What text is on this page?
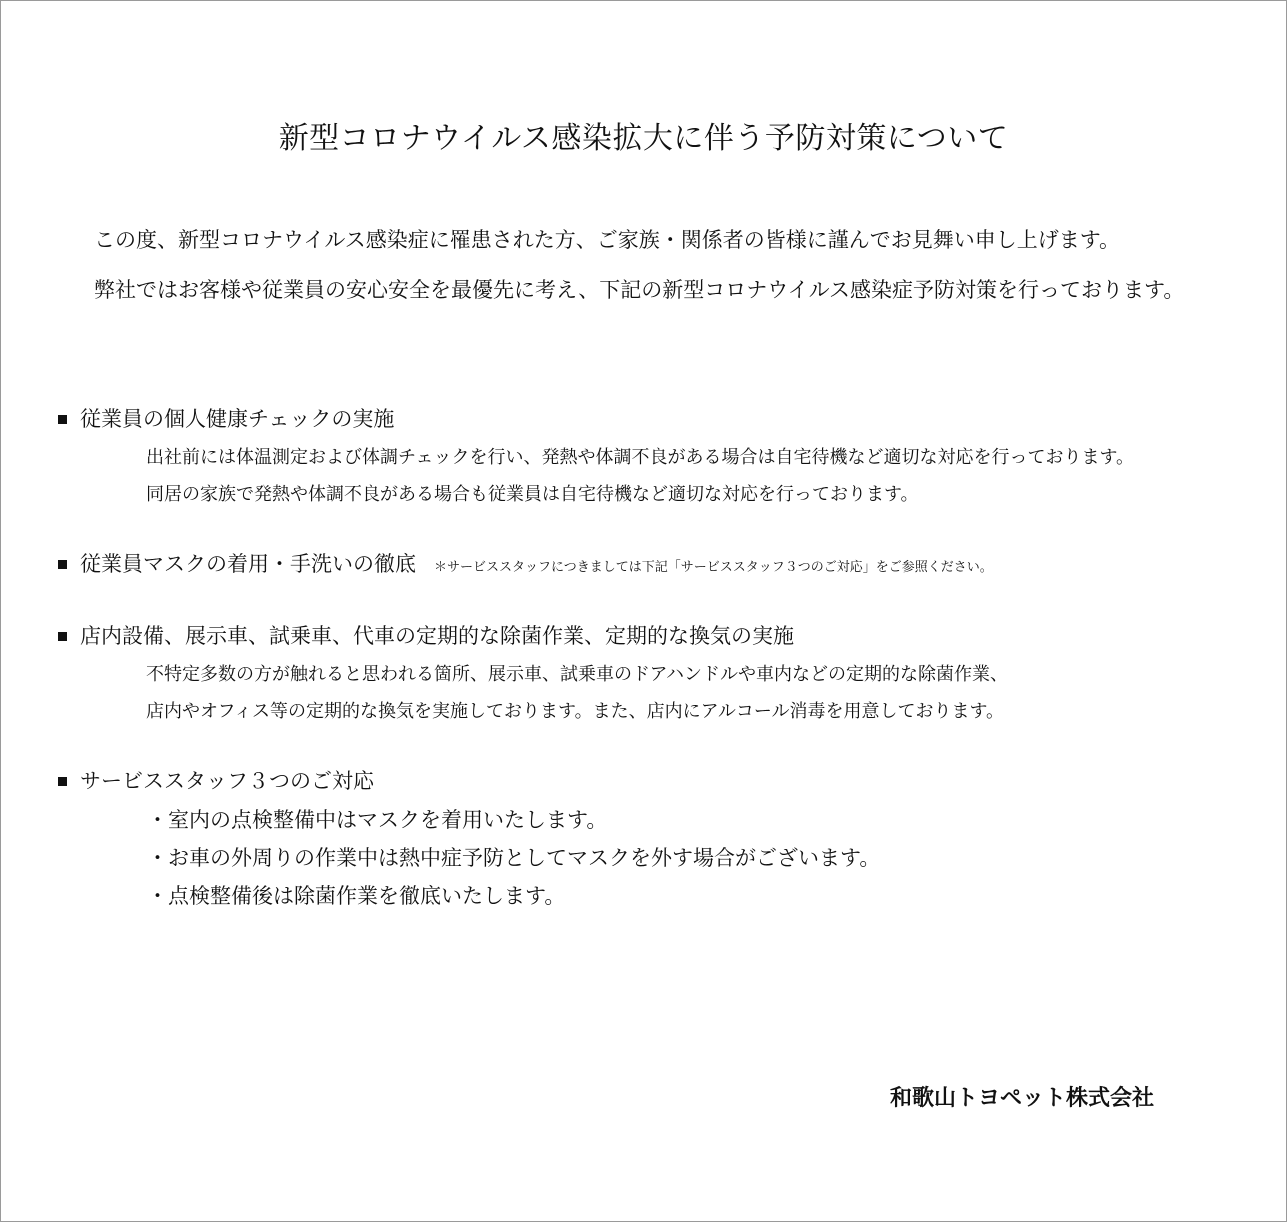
新型コロナウイルス感染拡大に伴う予防対策について
この度、新型コロナウイルス感染症に罹患された方、ご家族・関係者の皆様に謹んでお見舞い申し上げます。
弊社ではお客様や従業員の安心安全を最優先に考え、下記の新型コロナウイルス感染症予防対策を行っております。
従業員の個人健康チェックの実施
出社前には体温測定および体調チェックを行い、発熱や体調不良がある場合は自宅待機など適切な対応を行っております。
同居の家族で発熱や体調不良がある場合も従業員は自宅待機など適切な対応を行っております。
従業員マスクの着用・手洗いの徹底 ＊サービススタッフにつきましては下記「サービススタッフ３つのご対応」をご参照ください。
店内設備、展示車、試乗車、代車の定期的な除菌作業、定期的な換気の実施
不特定多数の方が触れると思われる箇所、展示車、試乗車のドアハンドルや車内などの定期的な除菌作業、
店内やオフィス等の定期的な換気を実施しております。また、店内にアルコール消毒を用意しております。
サービススタッフ３つのご対応
・室内の点検整備中はマスクを着用いたします。
・お車の外周りの作業中は熱中症予防としてマスクを外す場合がございます。
・点検整備後は除菌作業を徹底いたします。
和歌山トヨペット株式会社
